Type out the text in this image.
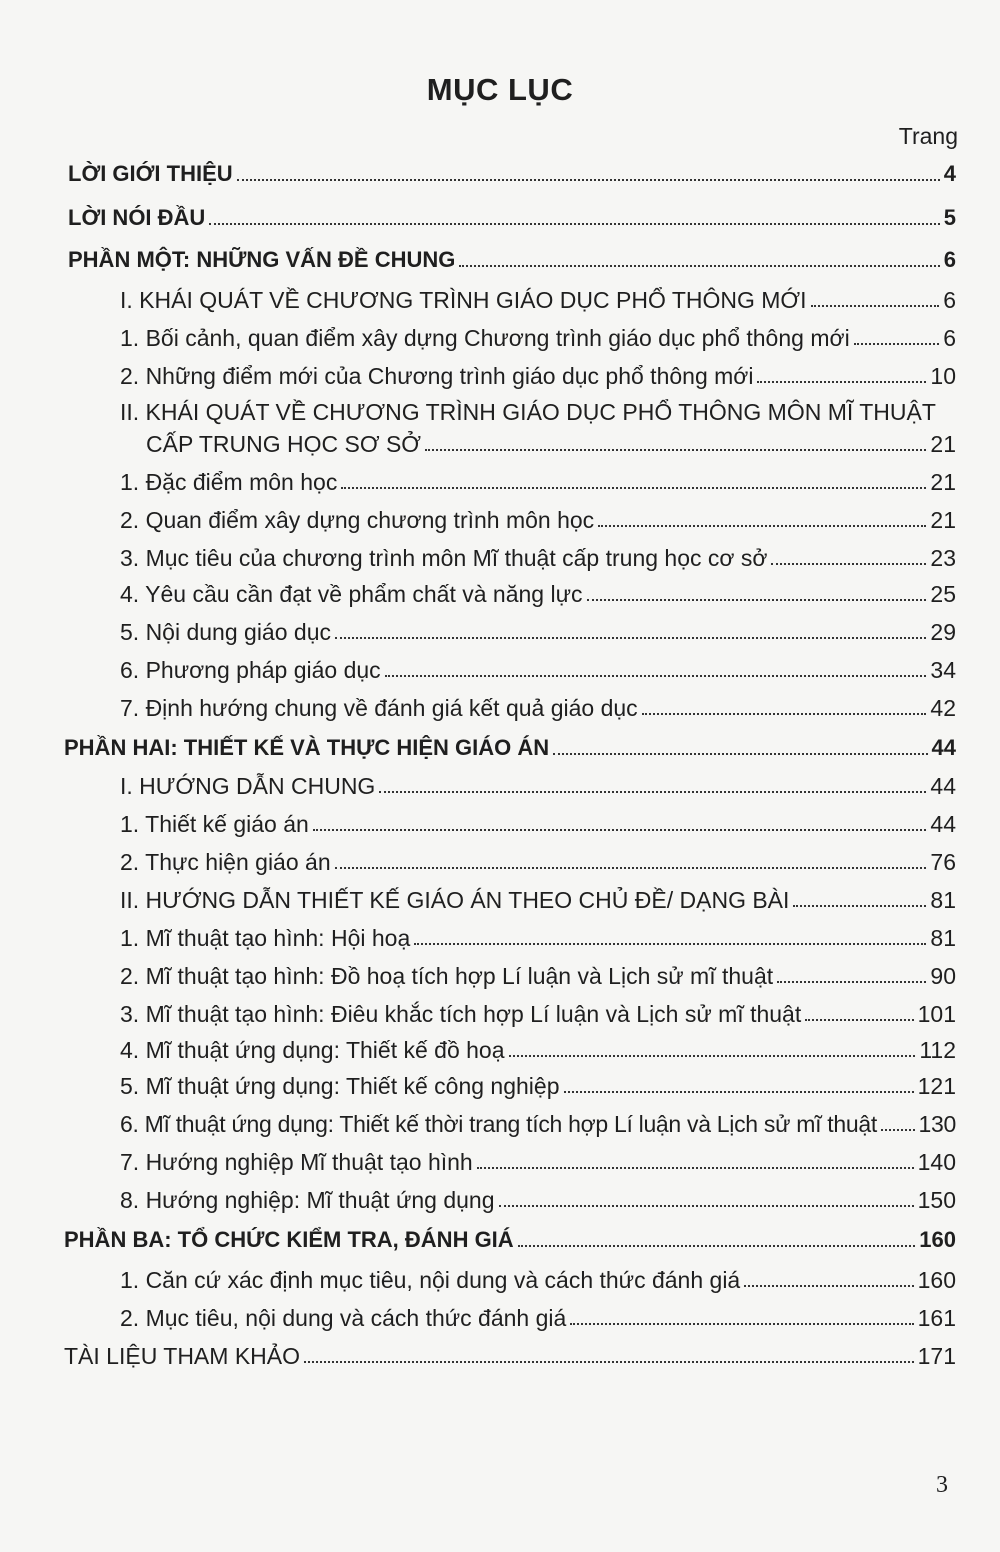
MỤC LỤC
Trang
LỜI GIỚI THIỆU	4
LỜI NÓI ĐẦU	5
PHẦN MỘT: NHỮNG VẤN ĐỀ CHUNG	6
I. KHÁI QUÁT VỀ CHƯƠNG TRÌNH GIÁO DỤC PHỔ THÔNG MỚI	6
1. Bối cảnh, quan điểm xây dựng Chương trình giáo dục phổ thông mới	6
2. Những điểm mới của Chương trình giáo dục phổ thông mới	10
II. KHÁI QUÁT VỀ CHƯƠNG TRÌNH GIÁO DỤC PHỔ THÔNG MÔN MĨ THUẬT
CẤP TRUNG HỌC SƠ SỞ	21
1. Đặc điểm môn học	21
2. Quan điểm xây dựng chương trình môn học	21
3. Mục tiêu của chương trình môn Mĩ thuật cấp trung học cơ sở	23
4. Yêu cầu cần đạt về phẩm chất và năng lực	25
5. Nội dung giáo dục	29
6. Phương pháp giáo dục	34
7. Định hướng chung về đánh giá kết quả giáo dục	42
PHẦN HAI: THIẾT KẾ VÀ THỰC HIỆN GIÁO ÁN	44
I. HƯỚNG DẪN CHUNG	44
1. Thiết kế giáo án	44
2. Thực hiện giáo án	76
II. HƯỚNG DẪN THIẾT KẾ GIÁO ÁN THEO CHỦ ĐỀ/ DẠNG BÀI	81
1. Mĩ thuật tạo hình: Hội hoạ	81
2. Mĩ thuật tạo hình: Đồ hoạ tích hợp Lí luận và Lịch sử mĩ thuật	90
3. Mĩ thuật tạo hình: Điêu khắc tích hợp Lí luận và Lịch sử mĩ thuật	101
4. Mĩ thuật ứng dụng: Thiết kế đồ hoạ	112
5. Mĩ thuật ứng dụng: Thiết kế công nghiệp	121
6. Mĩ thuật ứng dụng: Thiết kế thời trang tích hợp Lí luận và Lịch sử mĩ thuật 130
7. Hướng nghiệp Mĩ thuật tạo hình	140
8. Hướng nghiệp: Mĩ thuật ứng dụng	150
PHẦN BA: TỔ CHỨC KIỂM TRA, ĐÁNH GIÁ	160
1. Căn cứ xác định mục tiêu, nội dung và cách thức đánh giá	160
2. Mục tiêu, nội dung và cách thức đánh giá	161
TÀI LIỆU THAM KHẢO	171
3
